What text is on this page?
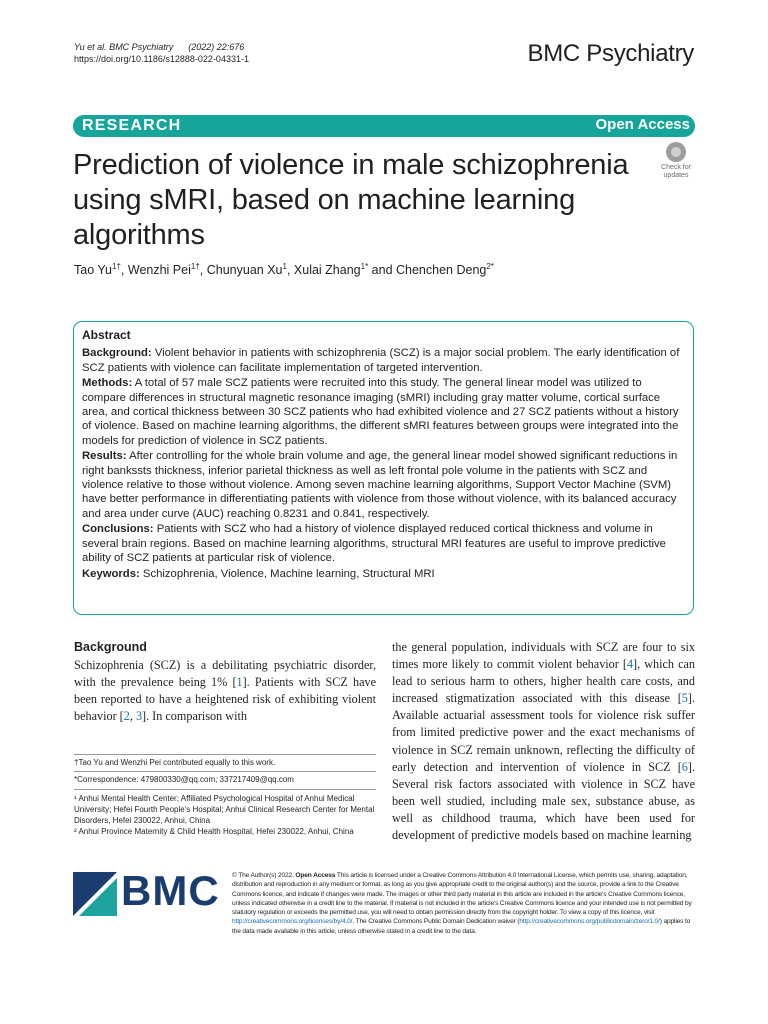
Yu et al. BMC Psychiatry (2022) 22:676
https://doi.org/10.1186/s12888-022-04331-1	BMC Psychiatry
RESEARCH	Open Access
Prediction of violence in male schizophrenia using sMRI, based on machine learning algorithms
Check for
updates
Tao $Yu^{1\dagger}$, Wenzhi Pei$^{1\dagger}$, Chunyuan Xu$^1$, Xulai Zhang$^{1*}$ and Chenchen Deng$^{2*}$
Abstract

Background: Violent behavior in patients with schizophrenia (SCZ) is a major social problem. The early identification of SCZ patients with violence can facilitate implementation of targeted intervention.

Methods: A total of 57 male SCZ patients were recruited into this study. The general linear model was utilized to compare differences in structural magnetic resonance imaging (sMRI) including gray matter volume, cortical surface area, and cortical thickness between 30 SCZ patients who had exhibited violence and 27 SCZ patients without a history of violence. Based on machine learning algorithms, the different sMRI features between groups were integrated into the models for prediction of violence in SCZ patients.

Results: After controlling for the whole brain volume and age, the general linear model showed significant reductions in right bankssts thickness, inferior parietal thickness as well as left frontal pole volume in the patients with SCZ and violence relative to those without violence. Among seven machine learning algorithms, Support Vector Machine (SVM) have better performance in differentiating patients with violence from those without violence, with its balanced accuracy and area under curve (AUC) reaching 0.8231 and 0.841, respectively.

Conclusions: Patients with SCZ who had a history of violence displayed reduced cortical thickness and volume in several brain regions. Based on machine learning algorithms, structural MRI features are useful to improve predictive ability of SCZ patients at particular risk of violence.

Keywords: Schizophrenia, Violence, Machine learning, Structural MRI

Background
Schizophrenia (SCZ) is a debilitating psychiatric disorder, with the prevalence being 1% [1]. Patients with SCZ have been reported to have a heightened risk of exhibiting violent behavior [2, 3]. In comparison with
the general population, individuals with SCZ are four to six times more likely to commit violent behavior [4], which can lead to serious harm to others, higher health care costs, and increased stigmatization associated with this disease [5]. Available actuarial assessment tools for violence risk suffer from limited predictive power and the exact mechanisms of violence in SCZ remain unknown, reflecting the difficulty of early detection and intervention of violence in SCZ [6]. Several risk factors associated with violence in SCZ have been well studied, including male sex, substance abuse, as well as childhood trauma, which have been used for development of predictive models based on machine learning
†Tao Yu and Wenzhi Pei contributed equally to this work.
*Correspondence: 479800330@qq.com; 337217409@qq.com
¹ Anhui Mental Health Center; Affiliated Psychological Hospital of Anhui Medical University; Hefei Fourth People's Hospital; Anhui Clinical Research Center for Mental Disorders, Hefei 230022, Anhui, China
² Anhui Province Maternity & Child Health Hospital, Hefei 230022, Anhui, China
BMC © The Author(s) 2022. Open Access This article is licensed under a Creative Commons Attribution 4.0 International License, which permits use, sharing, adaptation, distribution and reproduction in any medium or format, as long as you give appropriate credit to the original author(s) and the source, provide a link to the Creative Commons licence, and indicate if changes were made. The images or other third party material in this article are included in the article's Creative Commons licence, unless indicated otherwise in a credit line to the material. If material is not included in the article's Creative Commons licence and your intended use is not permitted by statutory regulation or exceeds the permitted use, you will need to obtain permission directly from the copyright holder. To view a copy of this licence, visit http://creativecommons.org/licenses/by/4.0/. The Creative Commons Public Domain Dedication waiver (http://creativecommons.org/publicdomain/zero/1.0/) applies to the data made available in this article, unless otherwise stated in a credit line to the data.
